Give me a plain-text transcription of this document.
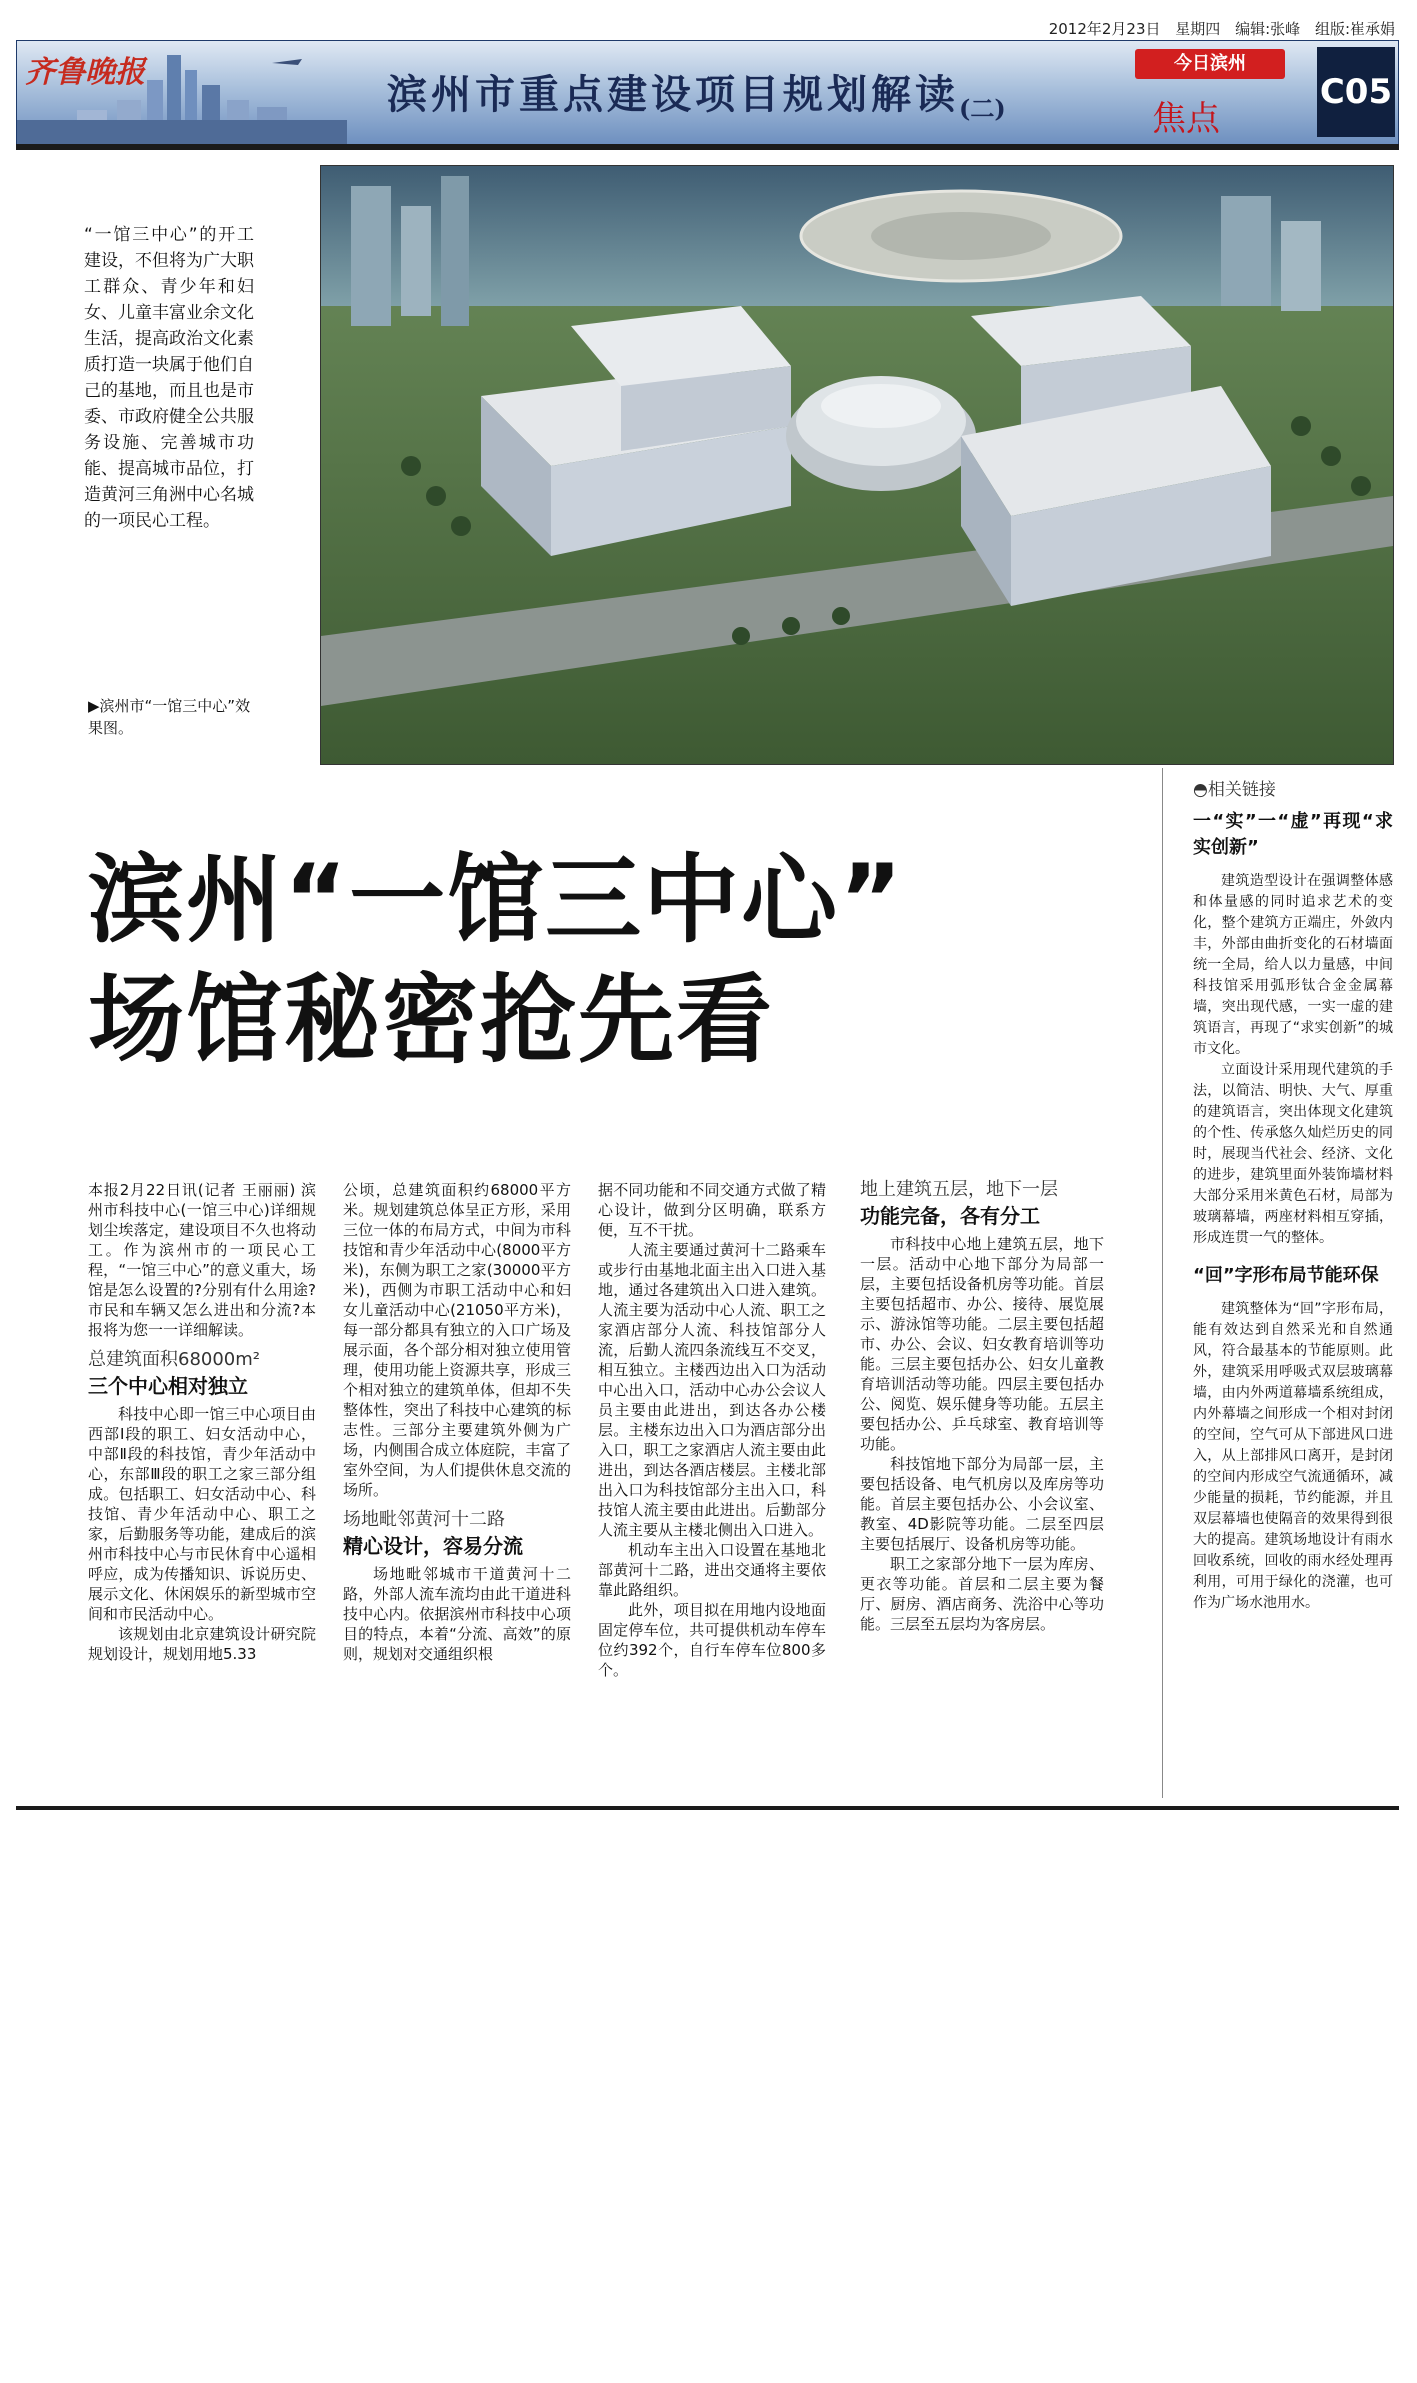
2012年2月23日 星期四 编辑:张峰 组版:崔承娟
齐鲁晚报	滨州市重点建设项目规划解读$_{(二)}$
今日滨州
焦点
C05
“一馆三中心”的开工建设，不但将为广大职工群众、青少年和妇女、儿童丰富业余文化生活，提高政治文化素质打造一块属于他们自己的基地，而且也是市委、市政府健全公共服务设施、完善城市功能、提高城市品位，打造黄河三角洲中心名城的一项民心工程。
▶滨州市“一馆三中心”效果图。
滨州“一馆三中心”
场馆秘密抢先看

本报2月22日讯(记者 王丽丽) 滨州市科技中心(一馆三中心)详细规划尘埃落定，建设项目不久也将动工。作为滨州市的一项民心工程，“一馆三中心”的意义重大，场馆是怎么设置的?分别有什么用途?市民和车辆又怎么进出和分流?本报将为您一一详细解读。

总建筑面积68000m²
三个中心相对独立

科技中心即一馆三中心项目由西部Ⅰ段的职工、妇女活动中心，中部Ⅱ段的科技馆，青少年活动中心，东部Ⅲ段的职工之家三部分组成。包括职工、妇女活动中心、科技馆、青少年活动中心、职工之家，后勤服务等功能，建成后的滨州市科技中心与市民休育中心遥相呼应，成为传播知识、诉说历史、展示文化、休闲娱乐的新型城市空间和市民活动中心。

该规划由北京建筑设计研究院规划设计，规划用地5.33

公顷，总建筑面积约68000平方米。规划建筑总体呈正方形，采用三位一体的布局方式，中间为市科技馆和青少年活动中心(8000平方米)，东侧为职工之家(30000平方米)，西侧为市职工活动中心和妇女儿童活动中心(21050平方米)，每一部分都具有独立的入口广场及展示面，各个部分相对独立使用管理，使用功能上资源共享，形成三个相对独立的建筑单体，但却不失整体性，突出了科技中心建筑的标志性。三部分主要建筑外侧为广场，内侧围合成立体庭院，丰富了室外空间，为人们提供休息交流的场所。

场地毗邻黄河十二路
精心设计，容易分流

场地毗邻城市干道黄河十二路，外部人流车流均由此干道进科技中心内。依据滨州市科技中心项目的特点，本着“分流、高效”的原则，规划对交通组织根

据不同功能和不同交通方式做了精心设计，做到分区明确，联系方便，互不干扰。

人流主要通过黄河十二路乘车或步行由基地北面主出入口进入基地，通过各建筑出入口进入建筑。人流主要为活动中心人流、职工之家酒店部分人流、科技馆部分人流，后勤人流四条流线互不交叉，相互独立。主楼西边出入口为活动中心出入口，活动中心办公会议人员主要由此进出，到达各办公楼层。主楼东边出入口为酒店部分出入口，职工之家酒店人流主要由此进出，到达各酒店楼层。主楼北部出入口为科技馆部分主出入口，科技馆人流主要由此进出。后勤部分人流主要从主楼北侧出入口进入。

机动车主出入口设置在基地北部黄河十二路，进出交通将主要依靠此路组织。

此外，项目拟在用地内设地面固定停车位，共可提供机动车停车位约392个，自行车停车位800多个。

地上建筑五层，地下一层
功能完备，各有分工

市科技中心地上建筑五层，地下一层。活动中心地下部分为局部一层，主要包括设备机房等功能。首层主要包括超市、办公、接待、展览展示、游泳馆等功能。二层主要包括超市、办公、会议、妇女教育培训等功能。三层主要包括办公、妇女儿童教育培训活动等功能。四层主要包括办公、阅览、娱乐健身等功能。五层主要包括办公、乒乓球室、教育培训等功能。

科技馆地下部分为局部一层，主要包括设备、电气机房以及库房等功能。首层主要包括办公、小会议室、教室、4D影院等功能。二层至四层主要包括展厅、设备机房等功能。

职工之家部分地下一层为库房、更衣等功能。首层和二层主要为餐厅、厨房、酒店商务、洗浴中心等功能。三层至五层均为客房层。

◓相关链接
一“实”一“虚”再现“求实创新”

建筑造型设计在强调整体感和体量感的同时追求艺术的变化，整个建筑方正端庄，外敛内丰，外部由曲折变化的石材墙面统一全局，给人以力量感，中间科技馆采用弧形钛合金金属幕墙，突出现代感，一实一虚的建筑语言，再现了“求实创新”的城市文化。

立面设计采用现代建筑的手法，以简洁、明快、大气、厚重的建筑语言，突出体现文化建筑的个性、传承悠久灿烂历史的同时，展现当代社会、经济、文化的进步，建筑里面外装饰墙材料大部分采用米黄色石材，局部为玻璃幕墙，两座材料相互穿插，形成连贯一气的整体。

“回”字形布局节能环保

建筑整体为“回”字形布局，能有效达到自然采光和自然通风，符合最基本的节能原则。此外，建筑采用呼吸式双层玻璃幕墙，由内外两道幕墙系统组成，内外幕墙之间形成一个相对封闭的空间，空气可从下部进风口进入，从上部排风口离开，是封闭的空间内形成空气流通循环，减少能量的损耗，节约能源，并且双层幕墙也使隔音的效果得到很大的提高。建筑场地设计有雨水回收系统，回收的雨水经处理再利用，可用于绿化的浇灌，也可作为广场水池用水。
